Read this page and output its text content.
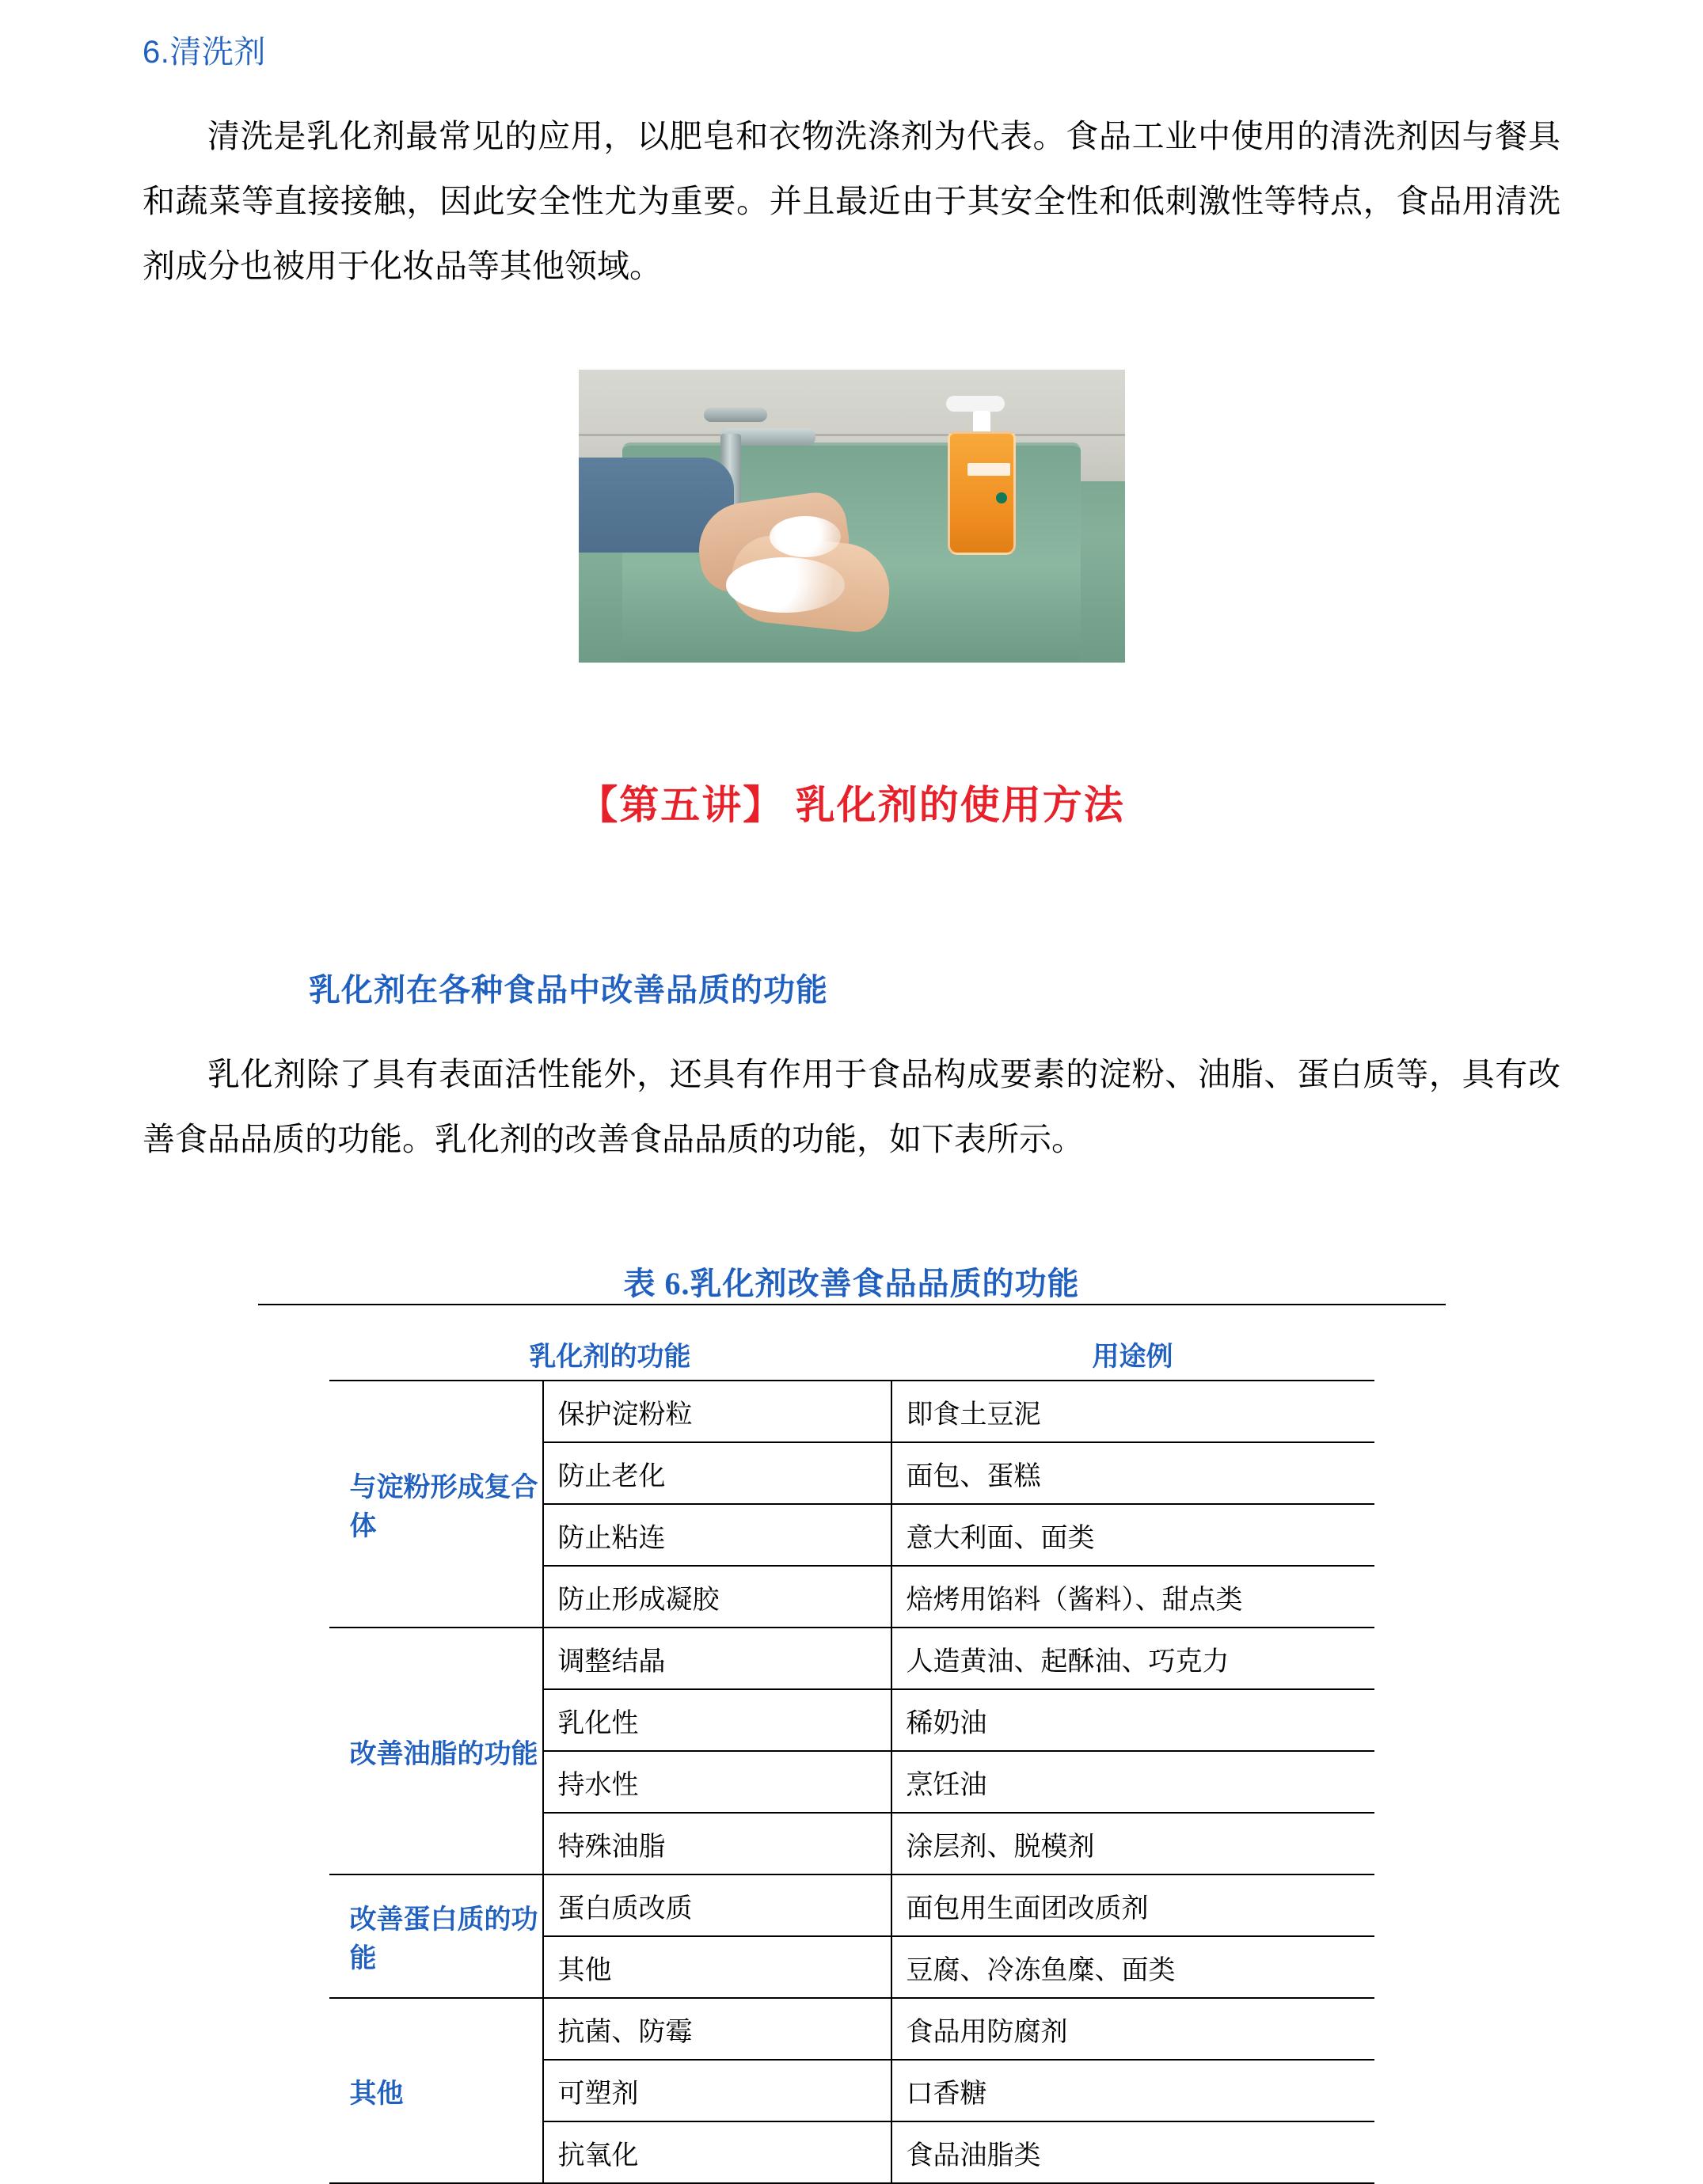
6.清洗剂

清洗是乳化剂最常见的应用，以肥皂和衣物洗涤剂为代表。食品工业中使用的清洗剂因与餐具和蔬菜等直接接触，因此安全性尤为重要。并且最近由于其安全性和低刺激性等特点，食品用清洗剂成分也被用于化妆品等其他领域。

【第五讲】 乳化剂的使用方法
乳化剂在各种食品中改善品质的功能

乳化剂除了具有表面活性能外，还具有作用于食品构成要素的淀粉、油脂、蛋白质等，具有改善食品品质的功能。乳化剂的改善食品品质的功能，如下表所示。

表 6.乳化剂改善食品品质的功能
乳化剂的功能		用途例
与淀粉形成复合体	保护淀粉粒	即食土豆泥
	防止老化	面包、蛋糕
	防止粘连	意大利面、面类
	防止形成凝胶	焙烤用馅料（酱料）、甜点类
改善油脂的功能	调整结晶	人造黄油、起酥油、巧克力
	乳化性	稀奶油
	持水性	烹饪油
	特殊油脂	涂层剂、脱模剂
改善蛋白质的功能	蛋白质改质	面包用生面团改质剂
	其他	豆腐、冷冻鱼糜、面类
其他	抗菌、防霉	食品用防腐剂
	可塑剂	口香糖
	抗氧化	食品油脂类
